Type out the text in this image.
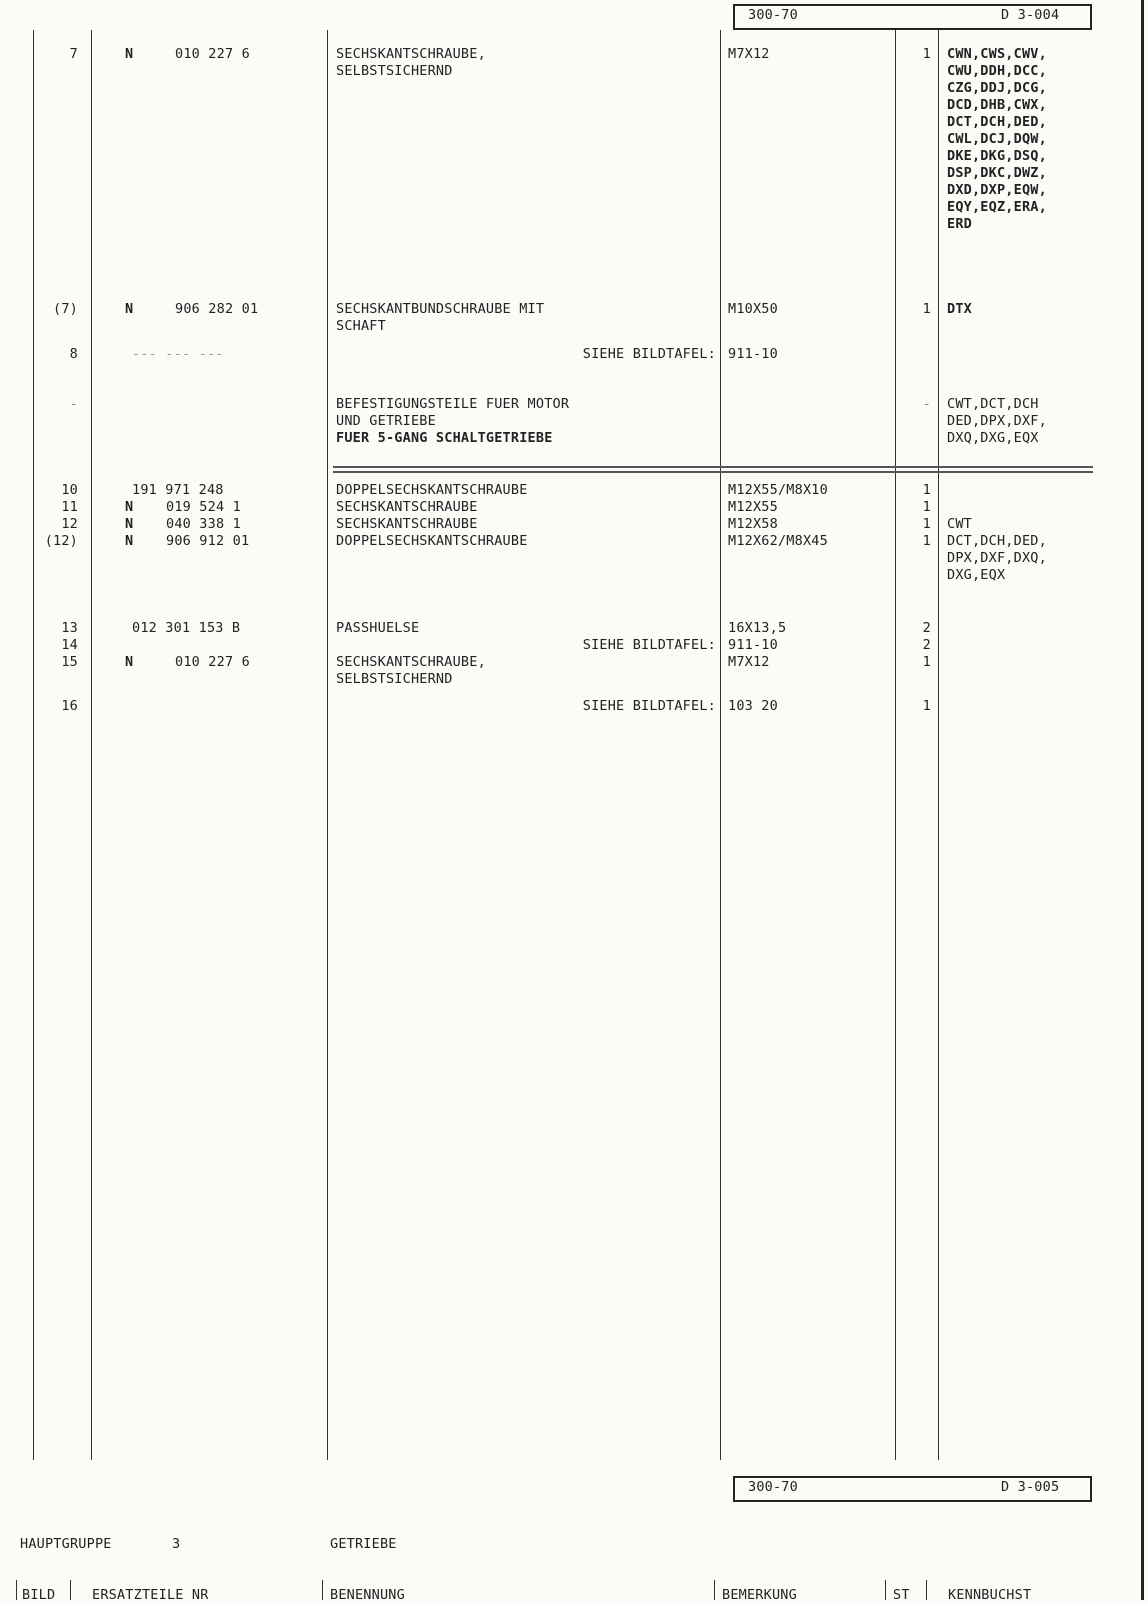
300-70	D 3-004
7	N	010 227 6	SECHSKANTSCHRAUBE,
SELBSTSICHERND
M7X12	1 CWN,CWS,CWV,
CWU,DDH,DCC,
CZG,DDJ,DCG,
DCD,DHB,CWX,
DCT,DCH,DED,
CWL,DCJ,DQW,
DKE,DKG,DSQ,
DSP,DKC,DWZ,
DXD,DXP,EQW,
EQY,EQZ,ERA,
ERD
(7)	N	906 282 01	SECHSKANTBUNDSCHRAUBE MIT
SCHAFT
M10X50	1 DTX
8	--- --- ---	SIEHE BILDTAFEL: 911-10
-	BEFESTIGUNGSTEILE FUER MOTOR
UND GETRIEBE
FUER 5-GANG SCHALTGETRIEBE
- CWT,DCT,DCH
DED,DPX,DXF,
DXQ,DXG,EQX
10	191 971 248	DOPPELSECHSKANTSCHRAUBE	M12X55/M8X10	1
11	N 019 524 1	SECHSKANTSCHRAUBE	M12X55	1
12	N 040 338 1	SECHSKANTSCHRAUBE	M12X58	1 CWT
(12)	N 906 912 01	DOPPELSECHSKANTSCHRAUBE	M12X62/M8X45	1 DCT,DCH,DED,
DPX,DXF,DXQ,
DXG,EQX
13	012 301 153 B	PASSHUELSE	16X13,5	2
14	SIEHE BILDTAFEL: 911-10	2
15	N	010 227 6	SECHSKANTSCHRAUBE,
SELBSTSICHERND
M7X12	1
16	SIEHE BILDTAFEL: 103 20	1
300-70	D 3-005
HAUPTGRUPPE	3	GETRIEBE
BILD	ERSATZTEILE NR	BENENNUNG	BEMERKUNG	ST	KENNBUCHST
